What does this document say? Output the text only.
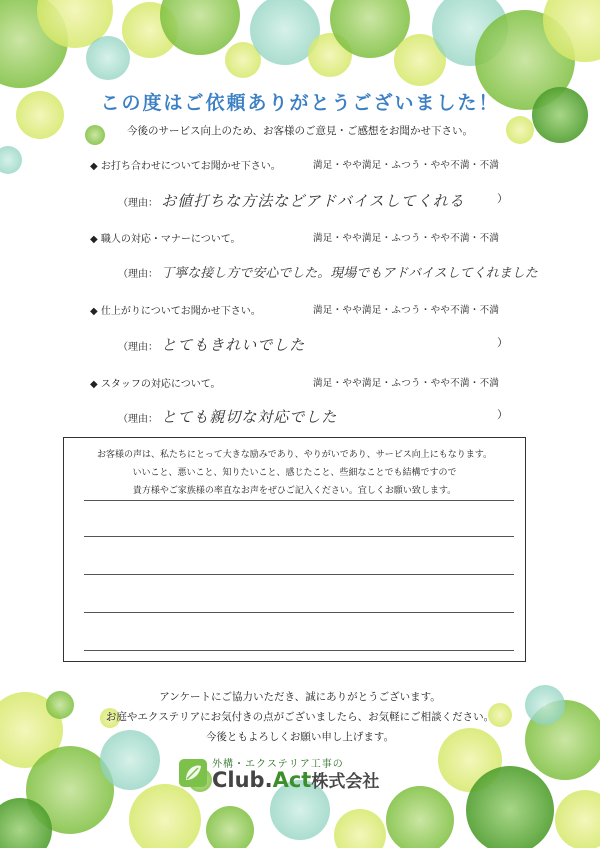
この度はご依頼ありがとうございました！
今後のサービス向上のため、お客様のご意見・ご感想をお聞かせ下さい。
◆ お打ち合わせについてお聞かせ下さい。	満足・やや満足・ふつう・やや不満・不満
（理由： お値打ちな方法などアドバイスしてくれる	）
◆ 職人の対応・マナーについて。	満足・やや満足・ふつう・やや不満・不満
（理由： 丁寧な接し方で安心でした。現場でもアドバイスしてくれました
◆ 仕上がりについてお聞かせ下さい。	満足・やや満足・ふつう・やや不満・不満
（理由： とてもきれいでした	）
◆ スタッフの対応について。	満足・やや満足・ふつう・やや不満・不満
（理由： とても親切な対応でした	）
お客様の声は、私たちにとって大きな励みであり、やりがいであり、サービス向上にもなります。
いいこと、悪いこと、知りたいこと、感じたこと、些細なことでも結構ですので
貴方様やご家族様の率直なお声をぜひご記入ください。宜しくお願い致します。
アンケートにご協力いただき、誠にありがとうございます。
お庭やエクステリアにお気付きの点がございましたら、お気軽にご相談ください。
今後ともよろしくお願い申し上げます。
外構・エクステリア工事の
Club.Act株式会社
